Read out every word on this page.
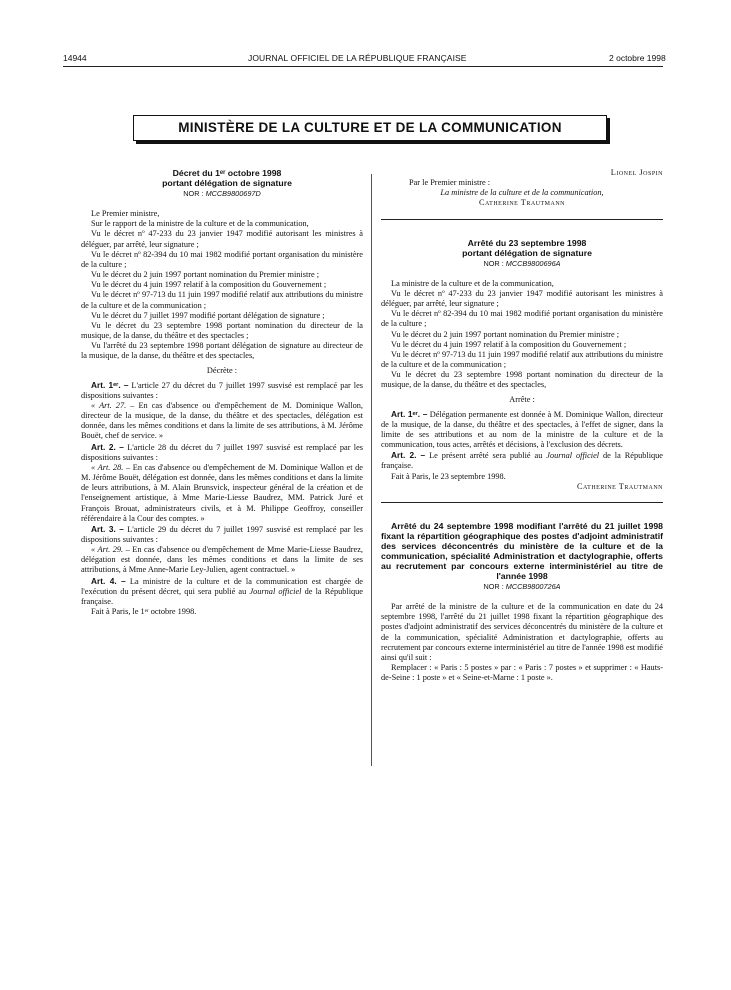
14944	JOURNAL OFFICIEL DE LA RÉPUBLIQUE FRANÇAISE	2 octobre 1998
MINISTÈRE DE LA CULTURE ET DE LA COMMUNICATION

Décret du 1ᵉʳ octobre 1998

portant délégation de signature

NOR : MCCB9800697D

Le Premier ministre,

Sur le rapport de la ministre de la culture et de la communication,

Vu le décret nº 47-233 du 23 janvier 1947 modifié autorisant les ministres à déléguer, par arrêté, leur signature ;

Vu le décret nº 82-394 du 10 mai 1982 modifié portant organisation du ministère de la culture ;

Vu le décret du 2 juin 1997 portant nomination du Premier ministre ;

Vu le décret du 4 juin 1997 relatif à la composition du Gouvernement ;

Vu le décret nº 97-713 du 11 juin 1997 modifié relatif aux attributions du ministre de la culture et de la communication ;

Vu le décret du 7 juillet 1997 modifié portant délégation de signature ;

Vu le décret du 23 septembre 1998 portant nomination du directeur de la musique, de la danse, du théâtre et des spectacles ;

Vu l'arrêté du 23 septembre 1998 portant délégation de signature au directeur de la musique, de la danse, du théâtre et des spectacles,

Décrète :

Art. 1ᵉʳ. – L'article 27 du décret du 7 juillet 1997 susvisé est remplacé par les dispositions suivantes :

« Art. 27. – En cas d'absence ou d'empêchement de M. Dominique Wallon, directeur de la musique, de la danse, du théâtre et des spectacles, délégation est donnée, dans les mêmes conditions et dans la limite de ses attributions, à M. Jérôme Bouët, chef de service. »

Art. 2. – L'article 28 du décret du 7 juillet 1997 susvisé est remplacé par les dispositions suivantes :

« Art. 28. – En cas d'absence ou d'empêchement de M. Dominique Wallon et de M. Jérôme Bouët, délégation est donnée, dans les mêmes conditions et dans la limite de leurs attributions, à M. Alain Brunsvick, inspecteur général de la création et de l'enseignement artistique, à Mme Marie-Liesse Baudrez, MM. Patrick Juré et François Brouat, administrateurs civils, et à M. Philippe Geoffroy, conseiller référendaire à la Cour des comptes. »

Art. 3. – L'article 29 du décret du 7 juillet 1997 susvisé est remplacé par les dispositions suivantes :

« Art. 29. – En cas d'absence ou d'empêchement de Mme Marie-Liesse Baudrez, délégation est donnée, dans les mêmes conditions et dans la limite de ses attributions, à Mme Anne-Marie Ley-Julien, agent contractuel. »

Art. 4. – La ministre de la culture et de la communication est chargée de l'exécution du présent décret, qui sera publié au Journal officiel de la République française.

Fait à Paris, le 1ᵉʳ octobre 1998.

Lionel Jospin

Par le Premier ministre :

La ministre de la culture et de la communication,

Catherine Trautmann

Arrêté du 23 septembre 1998

portant délégation de signature

NOR : MCCB9800696A

La ministre de la culture et de la communication,

Vu le décret nº 47-233 du 23 janvier 1947 modifié autorisant les ministres à déléguer, par arrêté, leur signature ;

Vu le décret nº 82-394 du 10 mai 1982 modifié portant organisation du ministère de la culture ;

Vu le décret du 2 juin 1997 portant nomination du Premier ministre ;

Vu le décret du 4 juin 1997 relatif à la composition du Gouvernement ;

Vu le décret nº 97-713 du 11 juin 1997 modifié relatif aux attributions du ministre de la culture et de la communication ;

Vu le décret du 23 septembre 1998 portant nomination du directeur de la musique, de la danse, du théâtre et des spectacles,

Arrête :

Art. 1ᵉʳ. – Délégation permanente est donnée à M. Dominique Wallon, directeur de la musique, de la danse, du théâtre et des spectacles, à l'effet de signer, dans la limite de ses attributions et au nom de la ministre de la culture et de la communication, tous actes, arrêtés et décisions, à l'exclusion des décrets.

Art. 2. – Le présent arrêté sera publié au Journal officiel de la République française.

Fait à Paris, le 23 septembre 1998.

Catherine Trautmann

Arrêté du 24 septembre 1998 modifiant l'arrêté du 21 juillet 1998 fixant la répartition géographique des postes d'adjoint administratif des services déconcentrés du ministère de la culture et de la communication, spécialité Administration et dactylographie, offerts au recrutement par concours externe interministériel au titre de l'année 1998

NOR : MCCB9800726A

Par arrêté de la ministre de la culture et de la communication en date du 24 septembre 1998, l'arrêté du 21 juillet 1998 fixant la répartition géographique des postes d'adjoint administratif des services déconcentrés du ministère de la culture et de la communication, spécialité Administration et dactylographie, offerts au recrutement par concours externe interministériel au titre de l'année 1998 est modifié ainsi qu'il suit :

Remplacer : « Paris : 5 postes » par : « Paris : 7 postes » et supprimer : « Hauts-de-Seine : 1 poste » et « Seine-et-Marne : 1 poste ».
